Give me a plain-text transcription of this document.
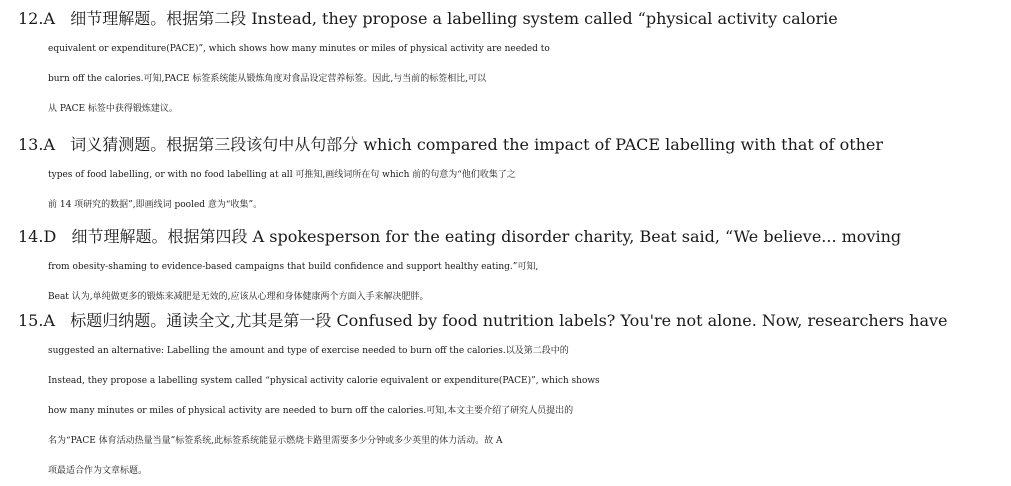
12.A 细节理解题。根据第二段 Instead, they propose a labelling system called “physical activity calorie
equivalent or expenditure(PACE)”, which shows how many minutes or miles of physical activity are needed to
burn off the calories.可知,PACE 标签系统能从锻炼角度对食品设定营养标签。因此,与当前的标签相比,可以
从 PACE 标签中获得锻炼建议。
13.A 词义猜测题。根据第三段该句中从句部分 which compared the impact of PACE labelling with that of other
types of food labelling, or with no food labelling at all 可推知,画线词所在句 which 前的句意为“他们收集了之
前 14 项研究的数据”,即画线词 pooled 意为“收集”。
14.D 细节理解题。根据第四段 A spokesperson for the eating disorder charity, Beat said, “We believe... moving
from obesity-shaming to evidence-based campaigns that build confidence and support healthy eating.”可知,
Beat 认为,单纯做更多的锻炼来减肥是无效的,应该从心理和身体健康两个方面入手来解决肥胖。
15.A 标题归纳题。通读全文,尤其是第一段 Confused by food nutrition labels? You're not alone. Now, researchers have
suggested an alternative: Labelling the amount and type of exercise needed to burn off the calories.以及第二段中的
Instead, they propose a labelling system called “physical activity calorie equivalent or expenditure(PACE)”, which shows
how many minutes or miles of physical activity are needed to burn off the calories.可知,本文主要介绍了研究人员提出的
名为“PACE 体育活动热量当量”标签系统,此标签系统能显示燃烧卡路里需要多少分钟或多少英里的体力活动。故 A
项最适合作为文章标题。
